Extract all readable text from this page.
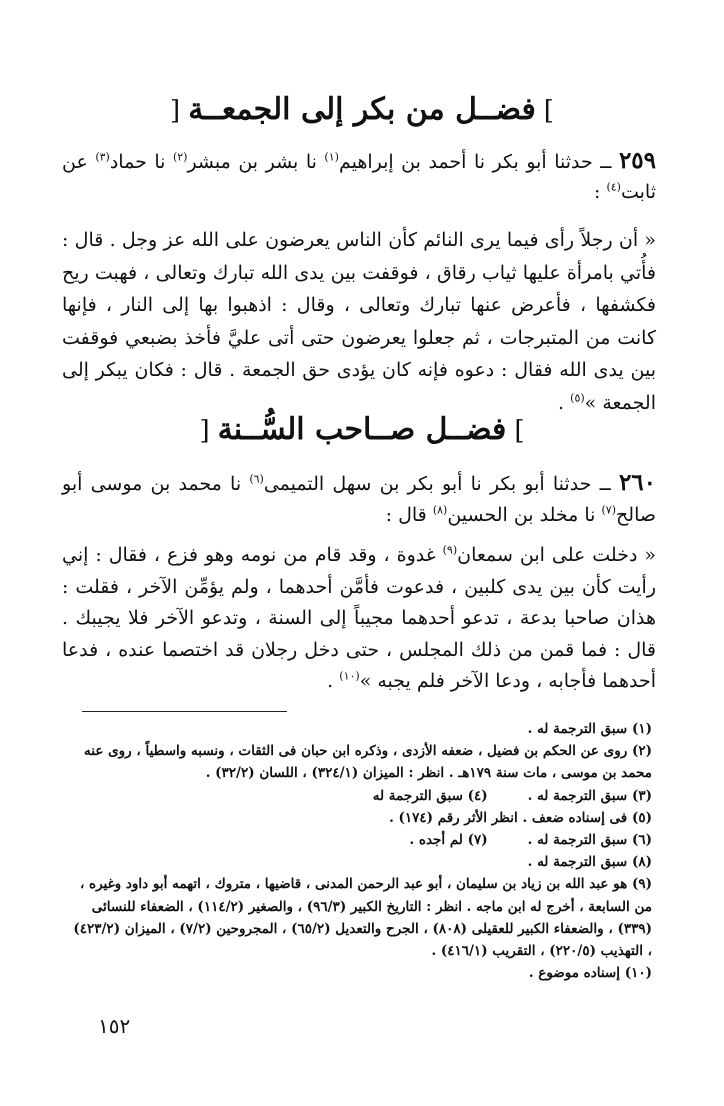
]فضــل من بكر إلى الجمعــة[
٢٥٩ ــ حدثنا أبو بكر نا أحمد بن إبراهيم$^{(١)}$ نا بشر بن مبشر$^{(٢)}$ نا حماد$^{(٣)}$ عن ثابت$^{(٤)}$ :
« أن رجلاً رأى فيما يرى النائم كأن الناس يعرضون على الله عز وجل . قال : فأُتي بامرأة عليها ثياب رقاق ، فوقفت بين يدى الله تبارك وتعالى ، فهبت ريح فكشفها ، فأعرض عنها تبارك وتعالى ، وقال : اذهبوا بها إلى النار ، فإنها كانت من المتبرجات ، ثم جعلوا يعرضون حتى أتى عليَّ فأخذ بضبعي فوقفت بين يدى الله فقال : دعوه فإنه كان يؤدى حق الجمعة . قال : فكان يبكر إلى الجمعة »$^{(٥)}$ .
]فضــل صــاحب السُّــنة[
٢٦٠ ــ حدثنا أبو بكر نا أبو بكر بن سهل التميمى$^{(٦)}$ نا محمد بن موسى أبو صالح$^{(٧)}$ نا مخلد بن الحسين$^{(٨)}$ قال :
« دخلت على ابن سمعان$^{(٩)}$ غدوة ، وقد قام من نومه وهو فزع ، فقال : إني رأيت كأن بين يدى كلبين ، فدعوت فأمَّن أحدهما ، ولم يؤمِّن الآخر ، فقلت : هذان صاحبا بدعة ، تدعو أحدهما مجيباً إلى السنة ، وتدعو الآخر فلا يجيبك . قال : فما قمن من ذلك المجلس ، حتى دخل رجلان قد اختصما عنده ، فدعا أحدهما فأجابه ، ودعا الآخر فلم يجبه »$^{(١٠)}$ .
(١) سبق الترجمة له .
(٢) روى عن الحكم بن فضيل ، ضعفه الأزدى ، وذكره ابن حبان فى الثقات ، ونسبه واسطياً ، روى عنه محمد بن موسى ، مات سنة ١٧٩هـ . انظر : الميزان (٣٢٤/١) ، اللسان (٣٢/٢) .
(٣) سبق الترجمة له .
(٤) سبق الترجمة له
(٥) فى إسناده ضعف . انظر الأثر رقم (١٧٤) .
(٦) سبق الترجمة له .
(٧) لم أجده .
(٨) سبق الترجمة له .
(٩) هو عبد الله بن زياد بن سليمان ، أبو عبد الرحمن المدنى ، قاضيها ، متروك ، اتهمه أبو داود وغيره ، من السابعة ، أخرج له ابن ماجه . انظر : التاريخ الكبير (٩٦/٣) ، والصغير (١١٤/٢) ، الضعفاء للنسائى (٣٣٩) ، والضعفاء الكبير للعقيلى (٨٠٨) ، الجرح والتعديل (٦٥/٢) ، المجروحين (٧/٢) ، الميزان (٤٢٣/٢) ، التهذيب (٢٢٠/٥) ، التقريب (٤١٦/١) .
(١٠) إسناده موضوع .
١٥٢
